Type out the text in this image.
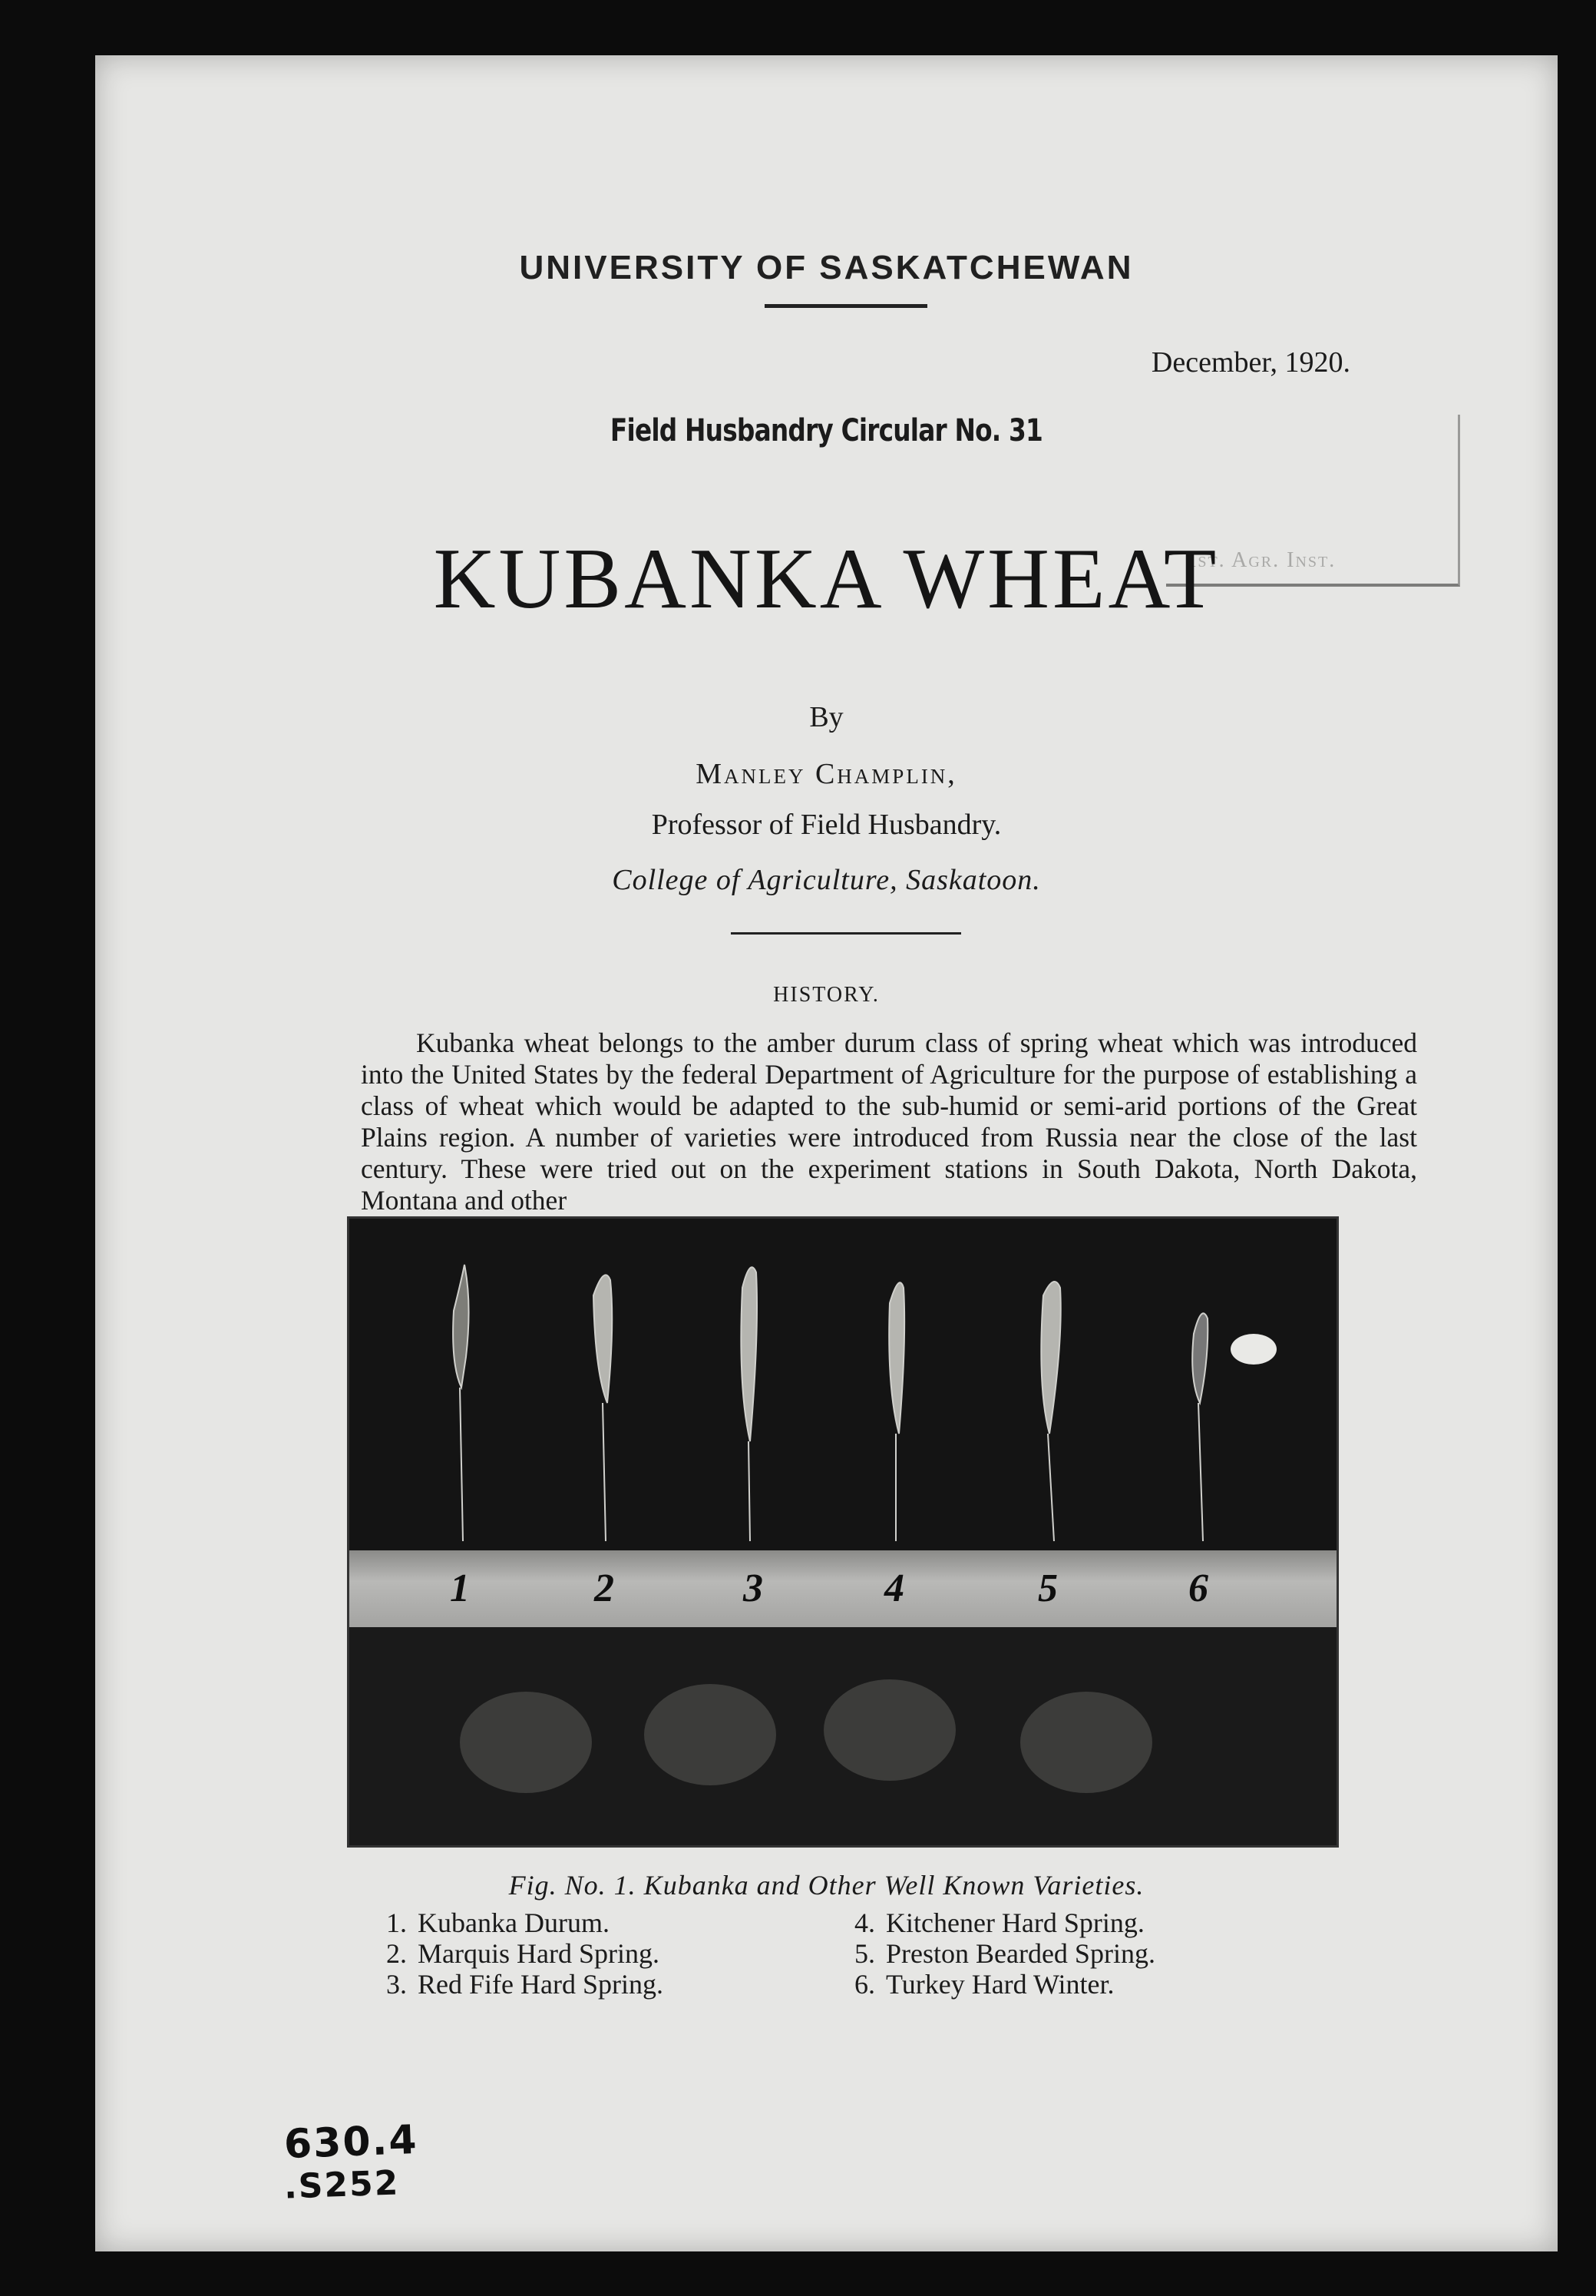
UNIVERSITY OF SASKATCHEWAN
December, 1920.
Field Husbandry Circular No. 31
Ist. Agr. Inst.
KUBANKA WHEAT
By
Manley Champlin,
Professor of Field Husbandry.
College of Agriculture, Saskatoon.
HISTORY.
Kubanka wheat belongs to the amber durum class of spring wheat which was introduced into the United States by the federal Department of Agriculture for the purpose of establishing a class of wheat which would be adapted to the sub-humid or semi-arid portions of the Great Plains region. A number of varieties were introduced from Russia near the close of the last century. These were tried out on the experiment stations in South Dakota, North Dakota, Montana and other
1	2	3	4	5	6
Fig. No. 1. Kubanka and Other Well Known Varieties.
1. Kubanka Durum.
2. Marquis Hard Spring.
3. Red Fife Hard Spring.
4. Kitchener Hard Spring.
5. Preston Bearded Spring.
6. Turkey Hard Winter.
630.4
.S252
